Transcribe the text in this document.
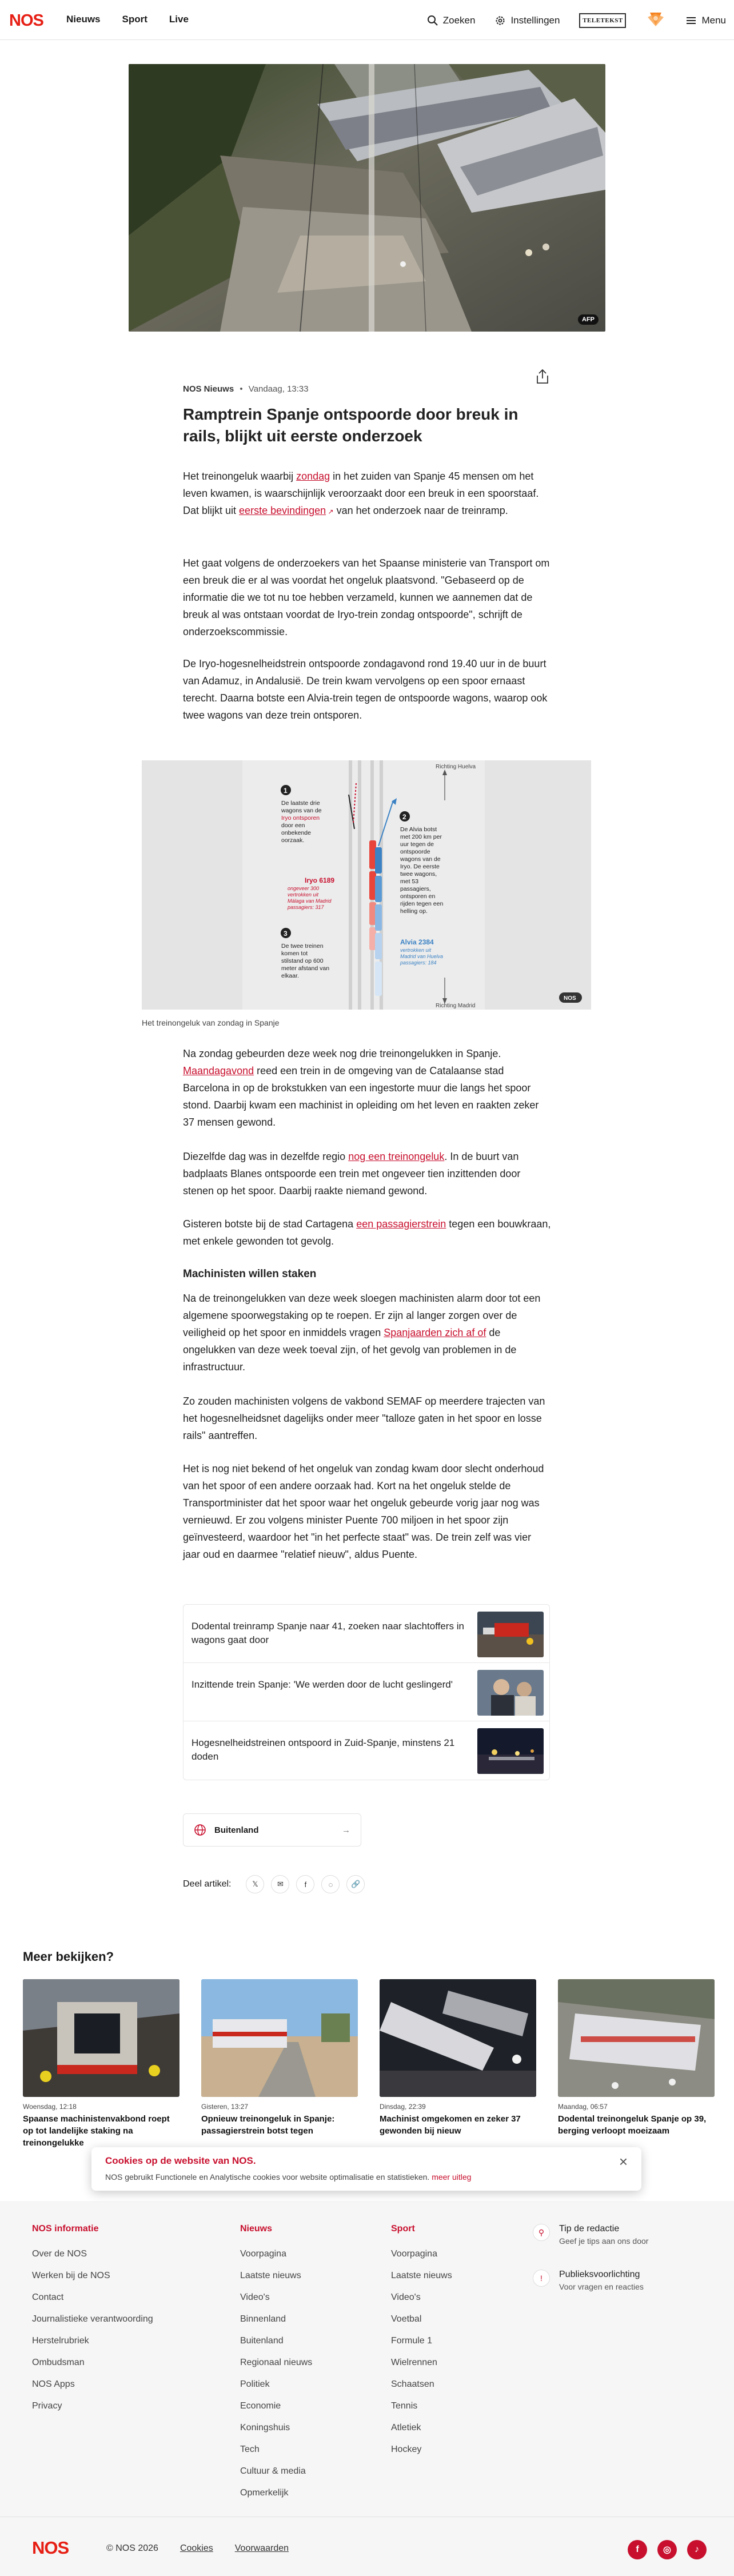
NOS Nieuws Sport Live	Zoeken	Instellingen	TELETEKST	Menu
AFP
NOS Nieuws • Vandaag, 13:33
Ramptrein Spanje ontspoorde door breuk in rails, blijkt uit eerste onderzoek

Het treinongeluk waarbij zondag in het zuiden van Spanje 45 mensen om het leven kwamen, is waarschijnlijk veroorzaakt door een breuk in een spoorstaaf. Dat blijkt uit eerste bevindingen ↗ van het onderzoek naar de treinramp.

Het gaat volgens de onderzoekers van het Spaanse ministerie van Transport om een breuk die er al was voordat het ongeluk plaatsvond. "Gebaseerd op de informatie die we tot nu toe hebben verzameld, kunnen we aannemen dat de breuk al was ontstaan voordat de Iryo-trein zondag ontspoorde", schrijft de onderzoekscommissie.

De Iryo-hogesnelheidstrein ontspoorde zondagavond rond 19.40 uur in de buurt van Adamuz, in Andalusië. De trein kwam vervolgens op een spoor ernaast terecht. Daarna botste een Alvia-trein tegen de ontspoorde wagons, waarop ook twee wagons van deze trein ontsporen.

Richting Huelva
Richting Madrid
1
De laatste drie
wagons van de
Iryo ontsporen
door een
onbekende
oorzaak.
Iryo 6189
ongeveer 300
vertrokken uit
Málaga van Madrid
passagiers: 317
3
De twee treinen
komen tot
stilstand op 600
meter afstand van
elkaar.
2
De Alvia botst
met 200 km per
uur tegen de
ontspoorde
wagons van de
Iryo. De eerste
twee wagons,
met 53
passagiers,
ontsporen en
rijden tegen een
helling op.
Alvia 2384
vertrokken uit
Madrid van Huelva
passagiers: 184
NOS
Het treinongeluk van zondag in Spanje

Na zondag gebeurden deze week nog drie treinongelukken in Spanje. Maandagavond reed een trein in de omgeving van de Catalaanse stad Barcelona in op de brokstukken van een ingestorte muur die langs het spoor stond. Daarbij kwam een machinist in opleiding om het leven en raakten zeker 37 mensen gewond.

Diezelfde dag was in dezelfde regio nog een treinongeluk. In de buurt van badplaats Blanes ontspoorde een trein met ongeveer tien inzittenden door stenen op het spoor. Daarbij raakte niemand gewond.

Gisteren botste bij de stad Cartagena een passagierstrein tegen een bouwkraan, met enkele gewonden tot gevolg.

Machinisten willen staken

Na de treinongelukken van deze week sloegen machinisten alarm door tot een algemene spoorwegstaking op te roepen. Er zijn al langer zorgen over de veiligheid op het spoor en inmiddels vragen Spanjaarden zich af of de ongelukken van deze week toeval zijn, of het gevolg van problemen in de infrastructuur.

Zo zouden machinisten volgens de vakbond SEMAF op meerdere trajecten van het hogesnelheidsnet dagelijks onder meer "talloze gaten in het spoor en losse rails" aantreffen.

Het is nog niet bekend of het ongeluk van zondag kwam door slecht onderhoud van het spoor of een andere oorzaak had. Kort na het ongeluk stelde de Transportminister dat het spoor waar het ongeluk gebeurde vorig jaar nog was vernieuwd. Er zou volgens minister Puente 700 miljoen in het spoor zijn geïnvesteerd, waardoor het "in het perfecte staat" was. De trein zelf was vier jaar oud en daarmee "relatief nieuw", aldus Puente.

Dodental treinramp Spanje naar 41, zoeken naar slachtoffers in wagons gaat door
Inzittende trein Spanje: 'We werden door de lucht geslingerd'
Hogesnelheidstreinen ontspoord in Zuid-Spanje, minstens 21 doden
Buitenland	→
Deel artikel:	𝕏	✉	f	◌	🔗
Meer bekijken?
Woensdag, 12:18
Spaanse machinistenvakbond roept op tot landelijke staking na treinongelukke
Gisteren, 13:27
Opnieuw treinongeluk in Spanje: passagierstrein botst tegen
Dinsdag, 22:39
Machinist omgekomen en zeker 37 gewonden bij nieuw
Maandag, 06:57
Dodental treinongeluk Spanje op 39, berging verloopt moeizaam
NOS informatie
Over de NOS
Werken bij de NOS
Contact
Journalistieke verantwoording
Herstelrubriek
Ombudsman
NOS Apps
Privacy
Nieuws
Voorpagina
Laatste nieuws
Video's
Binnenland
Buitenland
Regionaal nieuws
Politiek
Economie
Koningshuis
Tech
Cultuur & media
Opmerkelijk
Sport
Voorpagina
Laatste nieuws
Video's
Voetbal
Formule 1
Wielrennen
Schaatsen
Tennis
Atletiek
Hockey
⚲	Tip de redactie
Geef je tips aan ons door
!	Publieksvoorlichting
Voor vragen en reacties
NOS	© NOS 2026 Cookies Voorwaarden	f	◎	♪
Cookies op de website van NOS.
NOS gebruikt Functionele en Analytische cookies voor website optimalisatie en statistieken. meer uitleg
×
